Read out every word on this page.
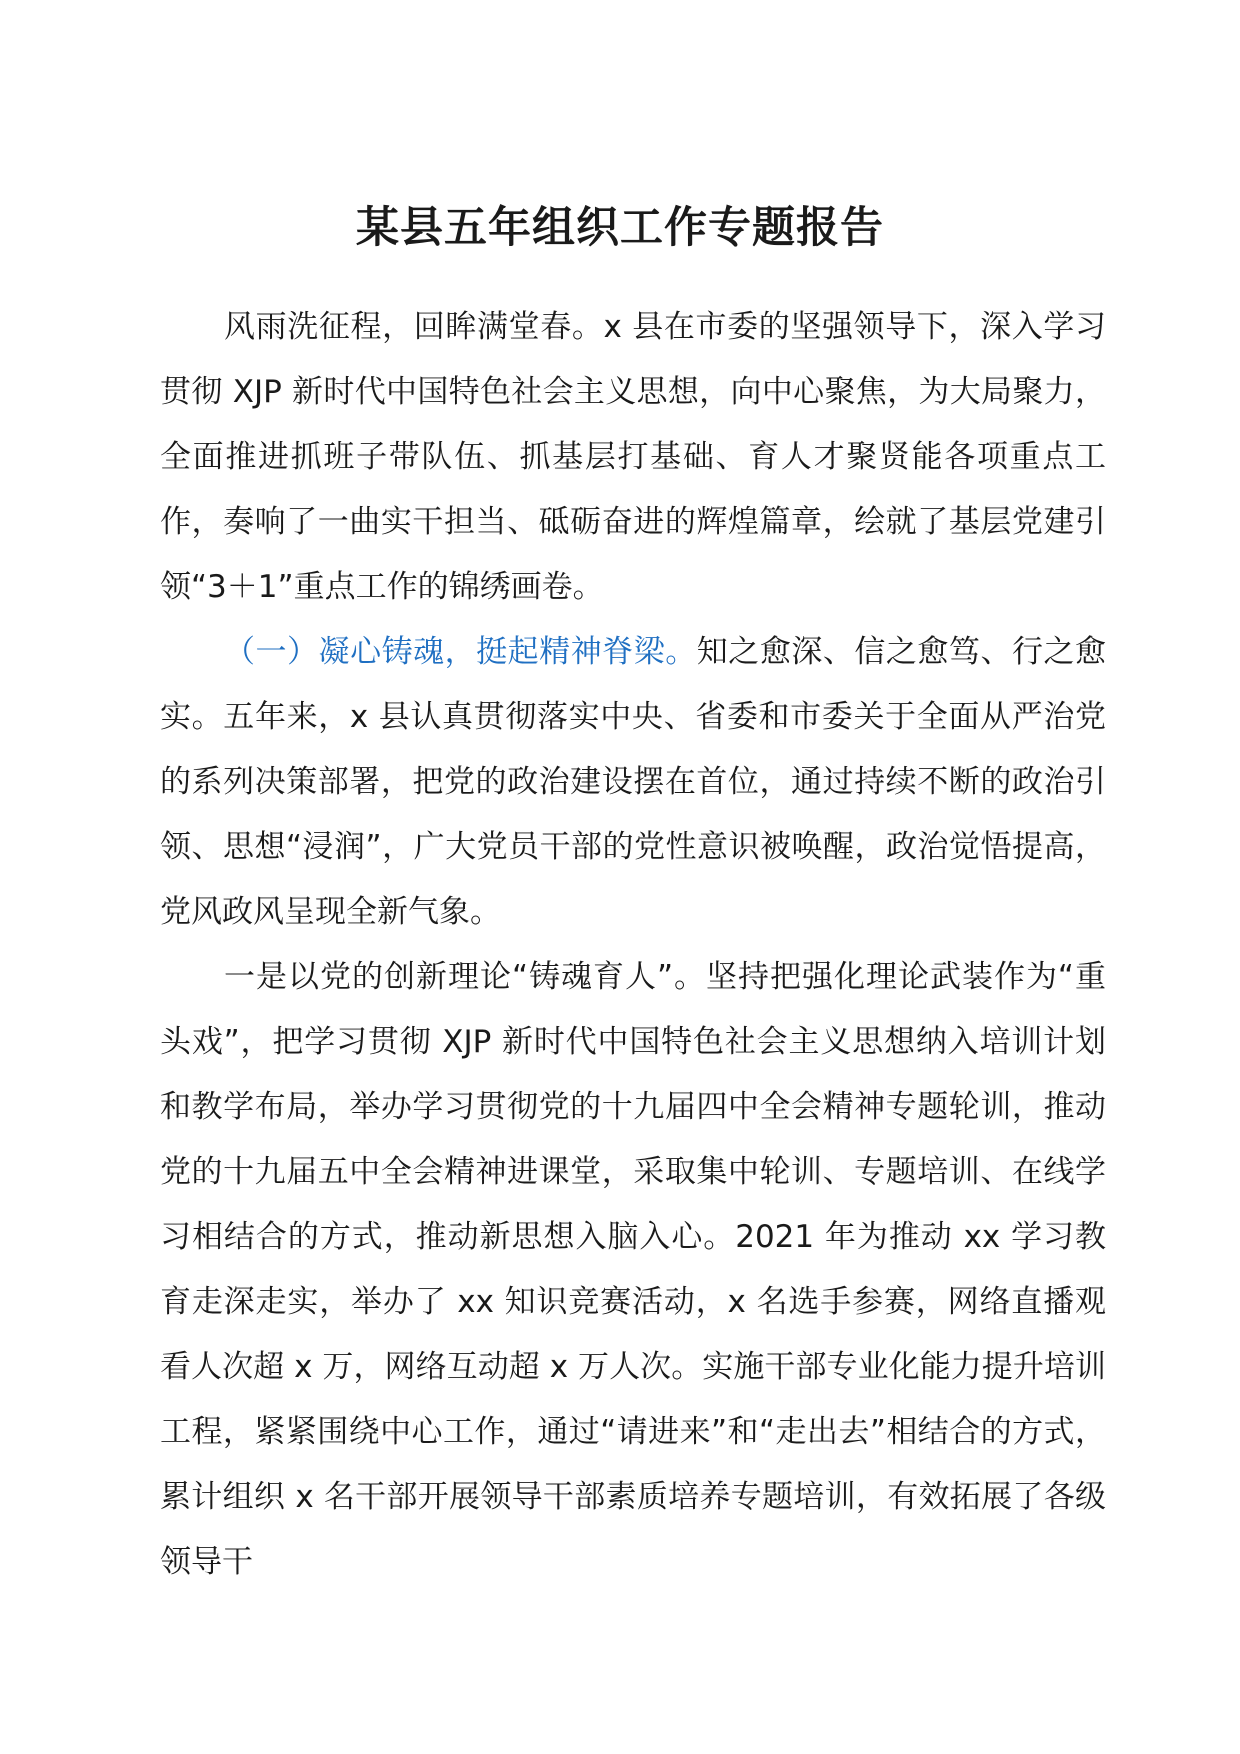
某县五年组织工作专题报告

风雨洗征程，回眸满堂春。x 县在市委的坚强领导下，深入学习贯彻 XJP 新时代中国特色社会主义思想，向中心聚焦，为大局聚力，全面推进抓班子带队伍、抓基层打基础、育人才聚贤能各项重点工作，奏响了一曲实干担当、砥砺奋进的辉煌篇章，绘就了基层党建引领“3＋1”重点工作的锦绣画卷。

（一）凝心铸魂，挺起精神脊梁。知之愈深、信之愈笃、行之愈实。五年来，x 县认真贯彻落实中央、省委和市委关于全面从严治党的系列决策部署，把党的政治建设摆在首位，通过持续不断的政治引领、思想“浸润”，广大党员干部的党性意识被唤醒，政治觉悟提高，党风政风呈现全新气象。

一是以党的创新理论“铸魂育人”。坚持把强化理论武装作为“重头戏”，把学习贯彻 XJP 新时代中国特色社会主义思想纳入培训计划和教学布局，举办学习贯彻党的十九届四中全会精神专题轮训，推动党的十九届五中全会精神进课堂，采取集中轮训、专题培训、在线学习相结合的方式，推动新思想入脑入心。2021 年为推动 xx 学习教育走深走实，举办了 xx 知识竞赛活动，x 名选手参赛，网络直播观看人次超 x 万，网络互动超 x 万人次。实施干部专业化能力提升培训工程，紧紧围绕中心工作，通过“请进来”和“走出去”相结合的方式，累计组织 x 名干部开展领导干部素质培养专题培训，有效拓展了各级领导干
